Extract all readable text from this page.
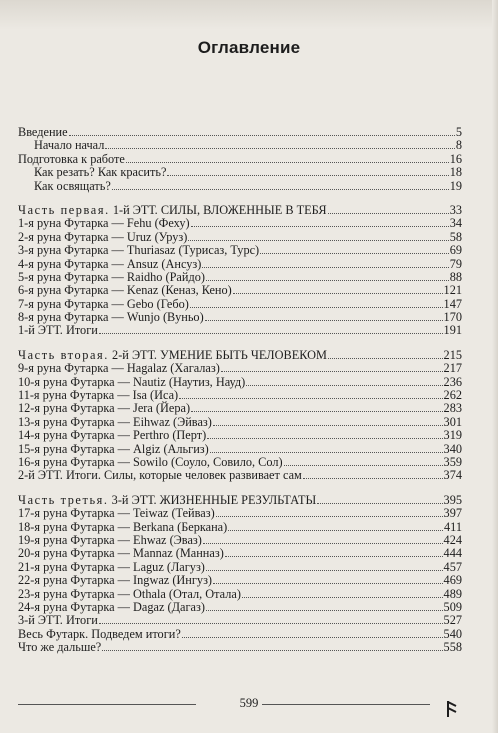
Оглавление
Введение	5
Начало начал	8
Подготовка к работе	16
Как резать? Как красить?	18
Как освящать?	19
Часть первая. 1-й ЭТТ. СИЛЫ, ВЛОЖЕННЫЕ В ТЕБЯ	33
1-я руна Футарка — Fehu (Феху)	34
2-я руна Футарка — Uruz (Уруз)	58
3-я руна Футарка — Thuriasaz (Турисаз, Турс)	69
4-я руна Футарка — Ansuz (Ансуз)	79
5-я руна Футарка — Raidho (Райдо)	88
6-я руна Футарка — Kenaz (Кеназ, Кено)	121
7-я руна Футарка — Gebo (Гебо)	147
8-я руна Футарка — Wunjo (Вуньо)	170
1-й ЭТТ. Итоги	191
Часть вторая. 2-й ЭТТ. УМЕНИЕ БЫТЬ ЧЕЛОВЕКОМ	215
9-я руна Футарка — Hagalaz (Хагалаз)	217
10-я руна Футарка — Nautiz (Наутиз, Науд)	236
11-я руна Футарка — Isa (Иса)	262
12-я руна Футарка — Jera (Йера)	283
13-я руна Футарка — Eihwaz (Эйваз)	301
14-я руна Футарка — Perthro (Перт)	319
15-я руна Футарка — Algiz (Альгиз)	340
16-я руна Футарка — Sowilo (Соуло, Совило, Сол)	359
2-й ЭТТ. Итоги. Силы, которые человек развивает сам	374
Часть третья. 3-й ЭТТ. ЖИЗНЕННЫЕ РЕЗУЛЬТАТЫ	395
17-я руна Футарка — Teiwaz (Тейваз)	397
18-я руна Футарка — Berkana (Беркана)	411
19-я руна Футарка — Ehwaz (Эваз)	424
20-я руна Футарка — Mannaz (Манназ)	444
21-я руна Футарка — Laguz (Лагуз)	457
22-я руна Футарка — Ingwaz (Ингуз)	469
23-я руна Футарка — Othala (Отал, Отала)	489
24-я руна Футарка — Dagaz (Дагаз)	509
3-й ЭТТ. Итоги	527
Весь Футарк. Подведем итоги?	540
Что же дальше?	558
599
